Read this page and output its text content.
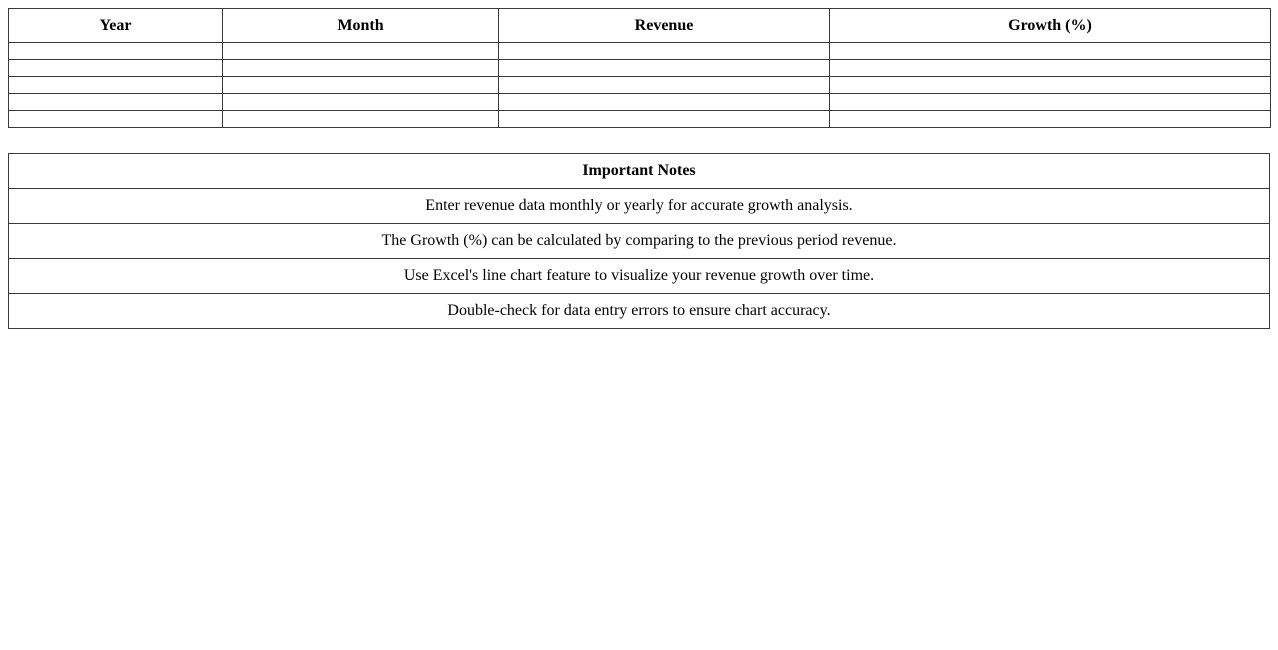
Year	Month	Revenue	Growth (%)

Important Notes
Enter revenue data monthly or yearly for accurate growth analysis.
The Growth (%) can be calculated by comparing to the previous period revenue.
Use Excel's line chart feature to visualize your revenue growth over time.
Double-check for data entry errors to ensure chart accuracy.
